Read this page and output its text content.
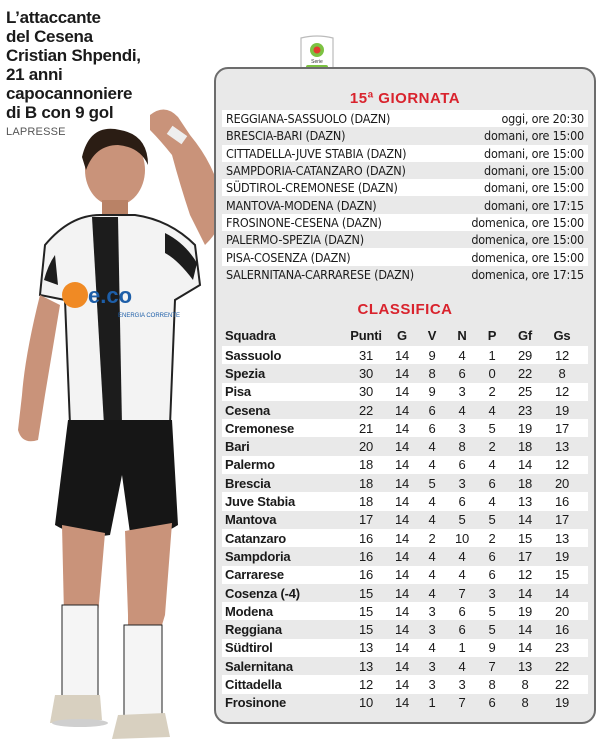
L’attaccante
del Cesena
Cristian Shpendi,
21 anni
capocannoniere
di B con 9 gol
LAPRESSE
e.co
ENERGIA CORRENTE
Serie
15ª GIORNATA
REGGIANA-SASSUOLO (DAZN)	oggi, ore 20:30
BRESCIA-BARI (DAZN)	domani, ore 15:00
CITTADELLA-JUVE STABIA (DAZN)	domani, ore 15:00
SAMPDORIA-CATANZARO (DAZN)	domani, ore 15:00
SÜDTIROL-CREMONESE (DAZN)	domani, ore 15:00
MANTOVA-MODENA (DAZN)	domani, ore 17:15
FROSINONE-CESENA (DAZN)	domenica, ore 15:00
PALERMO-SPEZIA (DAZN)	domenica, ore 15:00
PISA-COSENZA (DAZN)	domenica, ore 15:00
SALERNITANA-CARRARESE (DAZN)	domenica, ore 17:15
CLASSIFICA
Squadra	Punti	G	V	N	P	Gf	Gs
Sassuolo	31	14	9	4	1	29	12
Spezia	30	14	8	6	0	22	8
Pisa	30	14	9	3	2	25	12
Cesena	22	14	6	4	4	23	19
Cremonese	21	14	6	3	5	19	17
Bari	20	14	4	8	2	18	13
Palermo	18	14	4	6	4	14	12
Brescia	18	14	5	3	6	18	20
Juve Stabia	18	14	4	6	4	13	16
Mantova	17	14	4	5	5	14	17
Catanzaro	16	14	2	10	2	15	13
Sampdoria	16	14	4	4	6	17	19
Carrarese	16	14	4	4	6	12	15
Cosenza (-4)	15	14	4	7	3	14	14
Modena	15	14	3	6	5	19	20
Reggiana	15	14	3	6	5	14	16
Südtirol	13	14	4	1	9	14	23
Salernitana	13	14	3	4	7	13	22
Cittadella	12	14	3	3	8	8	22
Frosinone	10	14	1	7	6	8	19
